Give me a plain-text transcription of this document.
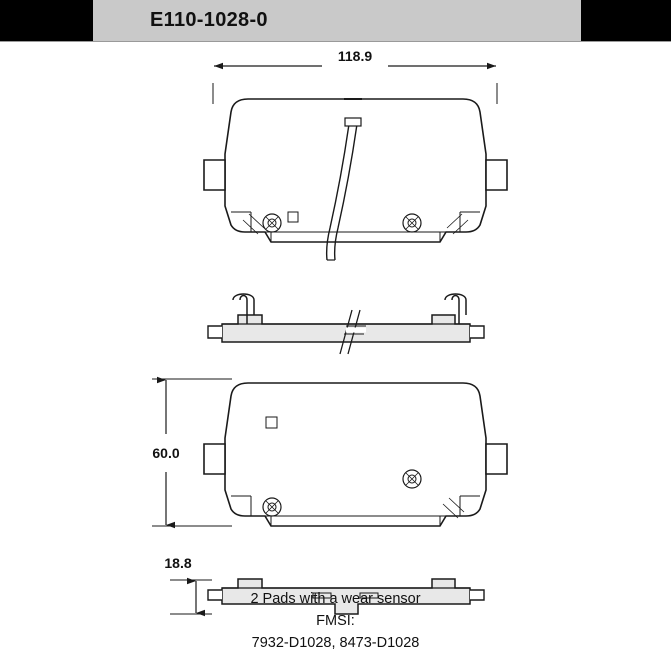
E110-1028-0
118.9
60.0
18.8
2 Pads with a wear sensor
FMSI:
7932-D1028, 8473-D1028
